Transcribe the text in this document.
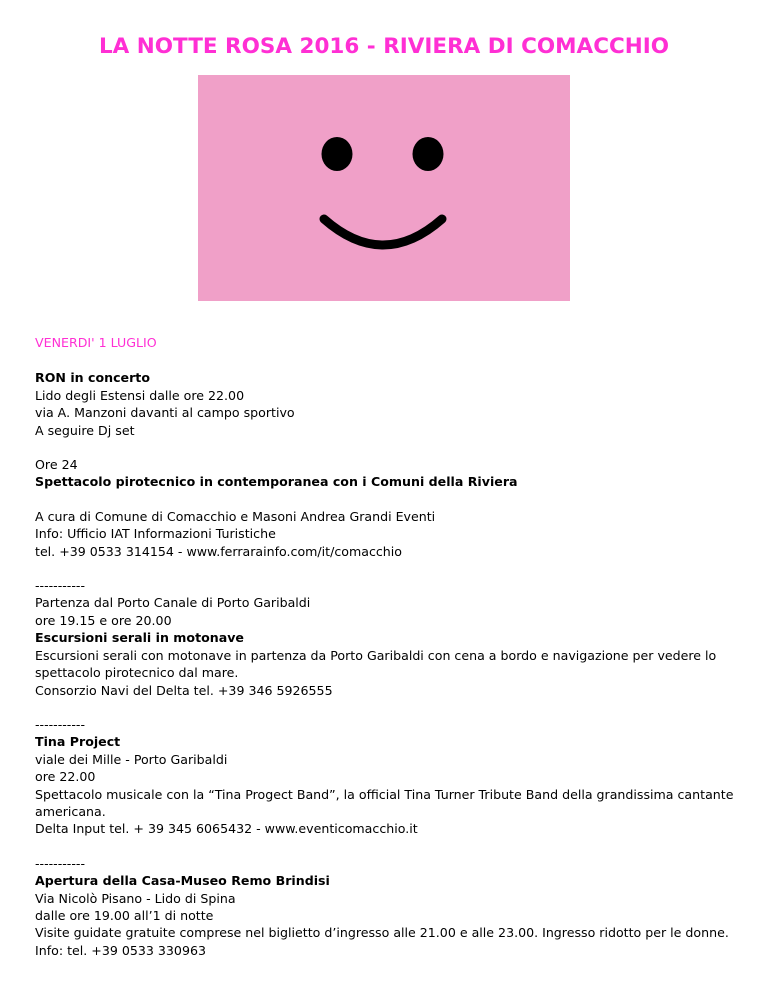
LA NOTTE ROSA 2016 - RIVIERA DI COMACCHIO
VENERDI' 1 LUGLIO
RON in concerto
Lido degli Estensi dalle ore 22.00
via A. Manzoni davanti al campo sportivo
A seguire Dj set
Ore 24
Spettacolo pirotecnico in contemporanea con i Comuni della Riviera
A cura di Comune di Comacchio e Masoni Andrea Grandi Eventi
Info: Ufficio IAT Informazioni Turistiche
tel. +39 0533 314154 - www.ferrarainfo.com/it/comacchio
-----------
Partenza dal Porto Canale di Porto Garibaldi
ore 19.15 e ore 20.00
Escursioni serali in motonave
Escursioni serali con motonave in partenza da Porto Garibaldi con cena a bordo e navigazione per vedere lo spettacolo pirotecnico dal mare.
Consorzio Navi del Delta tel. +39 346 5926555
-----------
Tina Project
viale dei Mille - Porto Garibaldi
ore 22.00
Spettacolo musicale con la “Tina Progect Band”, la official Tina Turner Tribute Band della grandissima cantante americana.
Delta Input tel. + 39 345 6065432 - www.eventicomacchio.it
-----------
Apertura della Casa-Museo Remo Brindisi
Via Nicolò Pisano - Lido di Spina
dalle ore 19.00 all’1 di notte
Visite guidate gratuite comprese nel biglietto d’ingresso alle 21.00 e alle 23.00. Ingresso ridotto per le donne.
Info: tel. +39 0533 330963
